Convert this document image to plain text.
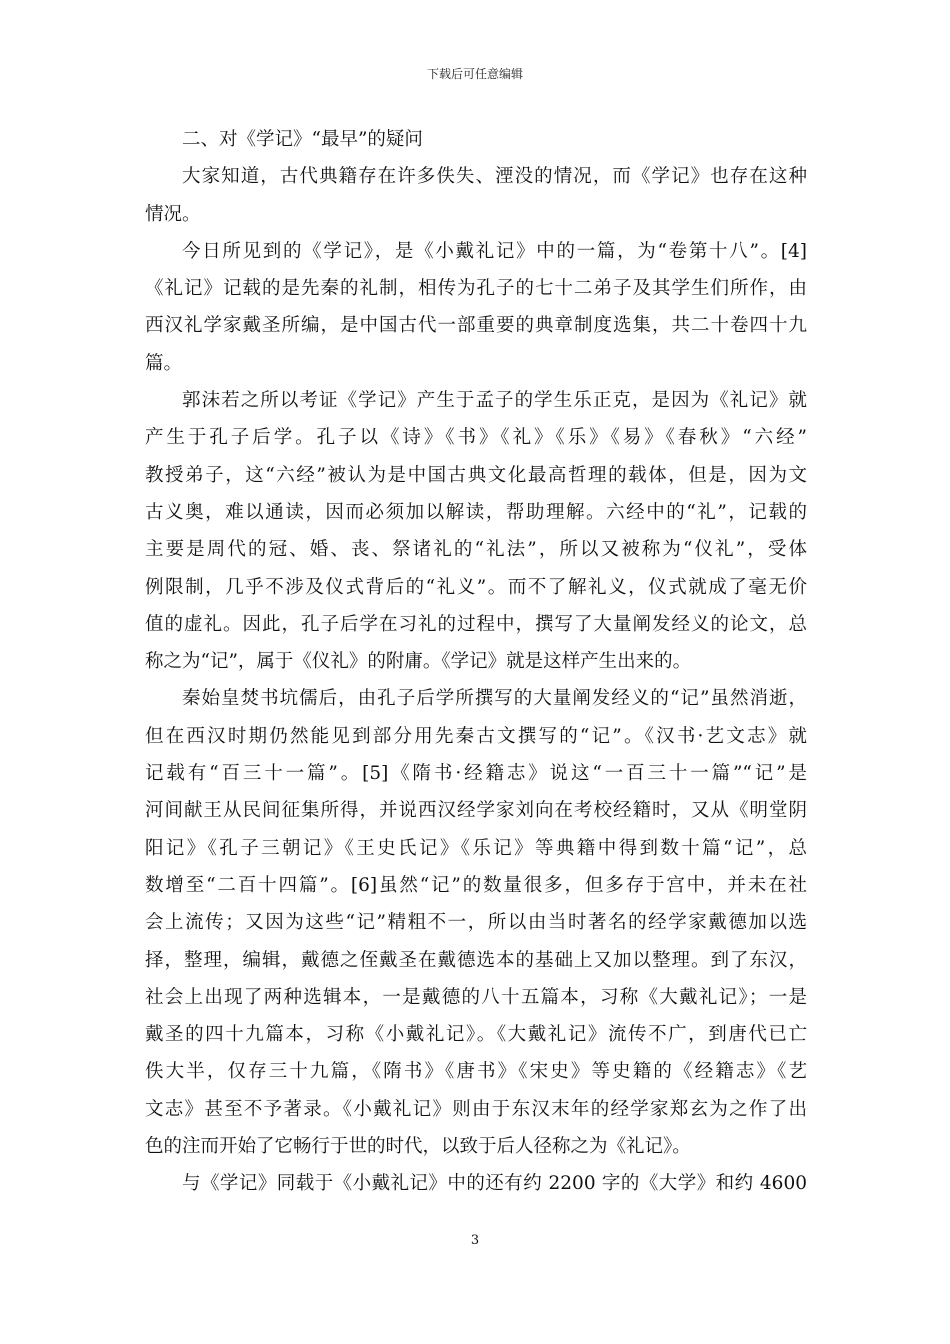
下载后可任意编辑
二、对《学记》“最早”的疑问
大家知道，古代典籍存在许多佚失、湮没的情况，而《学记》也存在这种
情况。
今日所见到的《学记》，是《小戴礼记》中的一篇，为“卷第十八”。[4]
《礼记》记载的是先秦的礼制，相传为孔子的七十二弟子及其学生们所作，由
西汉礼学家戴圣所编，是中国古代一部重要的典章制度选集，共二十卷四十九
篇。
郭沫若之所以考证《学记》产生于孟子的学生乐正克，是因为《礼记》就
产生于孔子后学。孔子以《诗》《书》《礼》《乐》《易》《春秋》“六经”
教授弟子，这“六经”被认为是中国古典文化最高哲理的载体，但是，因为文
古义奥，难以通读，因而必须加以解读，帮助理解。六经中的“礼”，记载的
主要是周代的冠、婚、丧、祭诸礼的“礼法”，所以又被称为“仪礼”，受体
例限制，几乎不涉及仪式背后的“礼义”。而不了解礼义，仪式就成了毫无价
值的虚礼。因此，孔子后学在习礼的过程中，撰写了大量阐发经义的论文，总
称之为“记”，属于《仪礼》的附庸。《学记》就是这样产生出来的。
秦始皇焚书坑儒后，由孔子后学所撰写的大量阐发经义的“记”虽然消逝，
但在西汉时期仍然能见到部分用先秦古文撰写的“记”。《汉书·艺文志》就
记载有“百三十一篇”。[5]《隋书·经籍志》说这“一百三十一篇”“记”是
河间献王从民间征集所得，并说西汉经学家刘向在考校经籍时，又从《明堂阴
阳记》《孔子三朝记》《王史氏记》《乐记》等典籍中得到数十篇“记”，总
数增至“二百十四篇”。[6]虽然“记”的数量很多，但多存于宫中，并未在社
会上流传；又因为这些“记”精粗不一，所以由当时著名的经学家戴德加以选
择，整理，编辑，戴德之侄戴圣在戴德选本的基础上又加以整理。到了东汉，
社会上出现了两种选辑本，一是戴德的八十五篇本，习称《大戴礼记》；一是
戴圣的四十九篇本，习称《小戴礼记》。《大戴礼记》流传不广，到唐代已亡
佚大半，仅存三十九篇，《隋书》《唐书》《宋史》等史籍的《经籍志》《艺
文志》甚至不予著录。《小戴礼记》则由于东汉末年的经学家郑玄为之作了出
色的注而开始了它畅行于世的时代，以致于后人径称之为《礼记》。
与《学记》同载于《小戴礼记》中的还有约 2200 字的《大学》和约 4600
3
